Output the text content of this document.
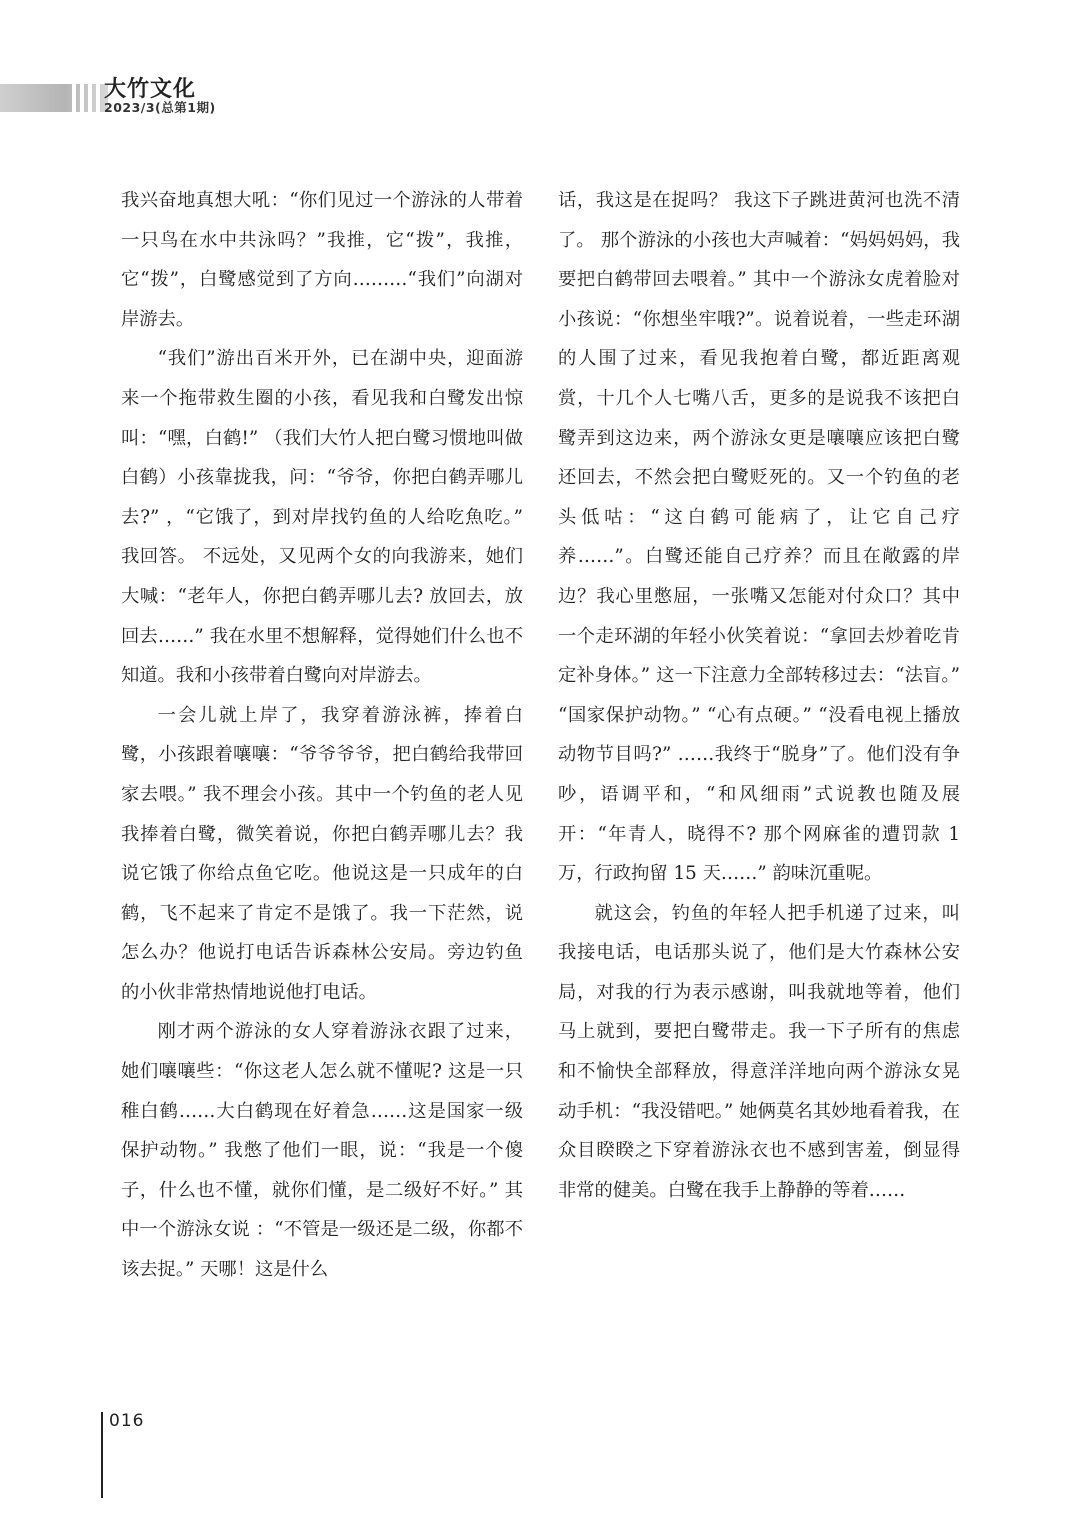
大竹文化
2023/3(总第1期)

我兴奋地真想大吼：“你们见过一个游泳的人带着一只鸟在水中共泳吗？”我推，它“拨”，我推，它“拨”，白鹭感觉到了方向………“我们”向湖对岸游去。

“我们”游出百米开外，已在湖中央，迎面游来一个拖带救生圈的小孩，看见我和白鹭发出惊叫：“嘿，白鹤!” （我们大竹人把白鹭习惯地叫做白鹤）小孩靠拢我，问：“爷爷，你把白鹤弄哪儿去?” ，“它饿了，到对岸找钓鱼的人给吃魚吃。” 我回答。 不远处，又见两个女的向我游来，她们大喊：“老年人，你把白鹤弄哪儿去? 放回去，放回去……” 我在水里不想解释，觉得她们什么也不知道。我和小孩带着白鹭向对岸游去。

一会儿就上岸了，我穿着游泳裤，捧着白鹭，小孩跟着嚷嚷：“爷爷爷爷，把白鹤给我带回家去喂。” 我不理会小孩。其中一个钓鱼的老人见我捧着白鹭，微笑着说，你把白鹤弄哪儿去？我说它饿了你给点鱼它吃。他说这是一只成年的白鹤，飞不起来了肯定不是饿了。我一下茫然，说怎么办？他说打电话告诉森林公安局。旁边钓鱼的小伙非常热情地说他打电话。

刚才两个游泳的女人穿着游泳衣跟了过来，她们嚷嚷些：“你这老人怎么就不懂呢? 这是一只稚白鹤……大白鹤现在好着急……这是国家一级保护动物。” 我憋了他们一眼，说：“我是一个傻子，什么也不懂，就你们懂，是二级好不好。” 其中一个游泳女说 ：“不管是一级还是二级，你都不该去捉。” 天哪！这是什么

话，我这是在捉吗？ 我这下子跳进黄河也洗不清了。 那个游泳的小孩也大声喊着：“妈妈妈妈，我要把白鹤带回去喂着。” 其中一个游泳女虎着脸对小孩说：“你想坐牢哦?”。说着说着，一些走环湖的人围了过来，看见我抱着白鹭，都近距离观赏，十几个人七嘴八舌，更多的是说我不该把白鹭弄到这边来，两个游泳女更是嚷嚷应该把白鹭还回去，不然会把白鹭贬死的。又一个钓鱼的老头低咕：“这白鹤可能病了，让它自己疗养……”。白鹭还能自己疗养？而且在敞露的岸边？我心里憋屈，一张嘴又怎能对付众口？其中一个走环湖的年轻小伙笑着说：“拿回去炒着吃肯定补身体。” 这一下注意力全部转移过去：“法盲。” “国家保护动物。” “心有点硬。” “没看电视上播放动物节目吗?” ……我终于“脱身”了。他们没有争吵，语调平和，“和风细雨”式说教也随及展开：“年青人，晓得不? 那个网麻雀的遭罚款 1 万，行政拘留 15 天……” 韵味沉重呢。

就这会，钓鱼的年轻人把手机递了过来，叫我接电话，电话那头说了，他们是大竹森林公安局，对我的行为表示感谢，叫我就地等着，他们马上就到，要把白鹭带走。我一下子所有的焦虑和不愉快全部释放，得意洋洋地向两个游泳女晃动手机：“我没错吧。” 她俩莫名其妙地看着我，在众目睽睽之下穿着游泳衣也不感到害羞，倒显得非常的健美。白鹭在我手上静静的等着……

016
